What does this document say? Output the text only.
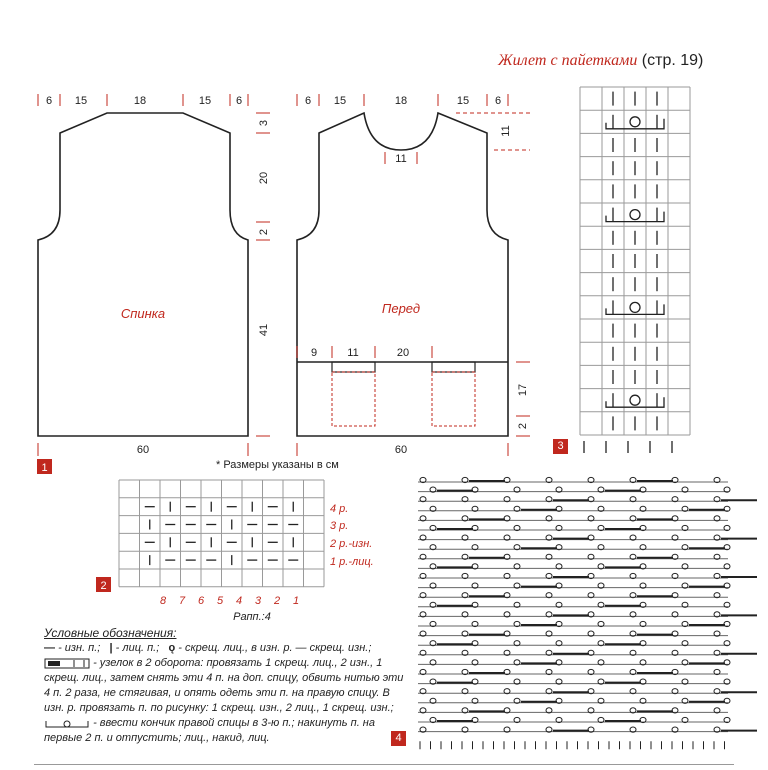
Жилет с пайетками (стр. 19)
Спинка
6 15	18	15 6
3
20
2
41
60
Перед
6 15	18	15 6
11
11
9	11	20
17
2
60
* Размеры указаны в см
1
4 р.
3 р.
2 р.-изн.
1 р.-лиц.
8 7 6 5 4 3 2 1
Рапп.:4
2
3
4
Условные обозначения:
— - изн. п.; | - лиц. п.; ǫ - скрещ. лиц., в изн. р. — скрещ. изн.;
- узелок в 2 оборота: провязать 1 скрещ. лиц., 2 изн., 1 скрещ. лиц., затем снять эти 4 п. на доп. спицу, обвить нитью эти 4 п. 2 раза, не стягивая, и опять одеть эти п. на правую спицу. В изн. р. провязать п. по рисунку: 1 скрещ. изн., 2 лиц., 1 скрещ. изн.;
- ввести кончик правой спицы в 3-ю п.; накинуть п. на первые 2 п. и отпустить; лиц., накид, лиц.
